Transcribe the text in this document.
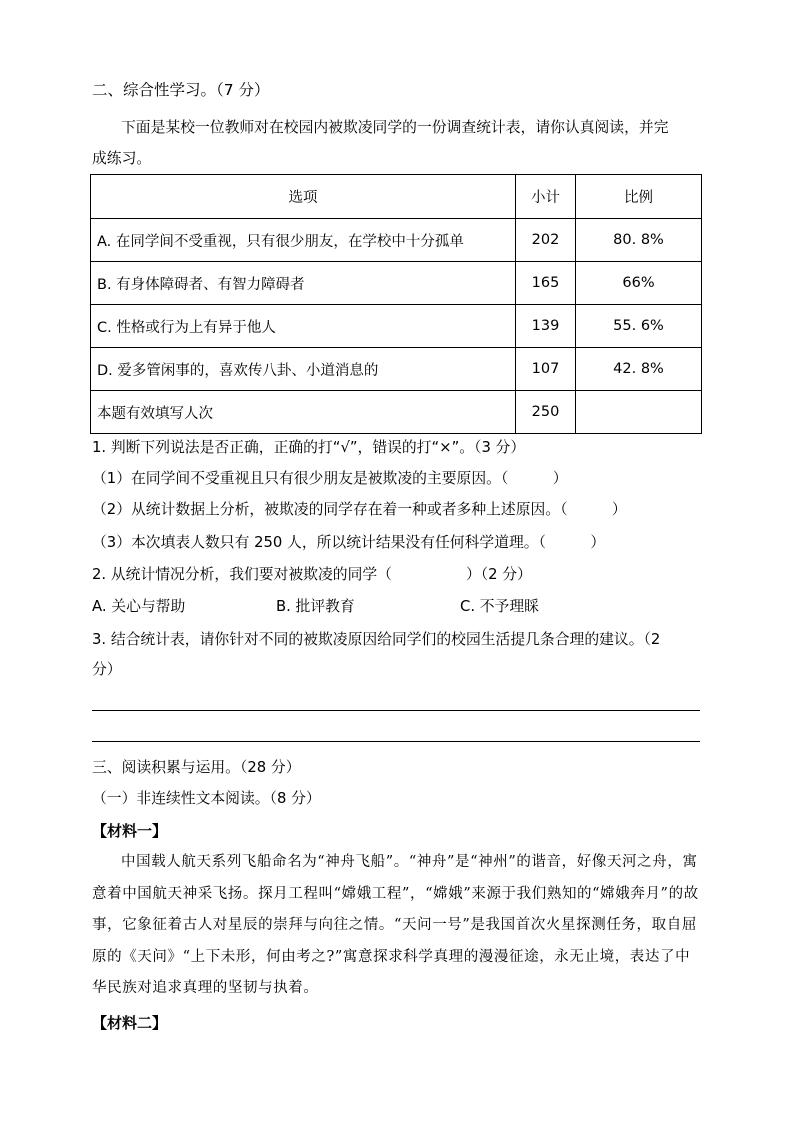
二、综合性学习。（7 分）
下面是某校一位教师对在校园内被欺凌同学的一份调查统计表，请你认真阅读，并完
成练习。
选项	小计	比例
A. 在同学间不受重视，只有很少朋友，在学校中十分孤单	202	80. 8%
B. 有身体障碍者、有智力障碍者	165	66%
C. 性格或行为上有异于他人	139	55. 6%
D. 爱多管闲事的，喜欢传八卦、小道消息的	107	42. 8%
本题有效填写人次	250	
1. 判断下列说法是否正确，正确的打“√”，错误的打“×”。（3 分）
（1）在同学间不受重视且只有很少朋友是被欺凌的主要原因。（　　　）
（2）从统计数据上分析，被欺凌的同学存在着一种或者多种上述原因。（　　　）
（3）本次填表人数只有 250 人，所以统计结果没有任何科学道理。（　　　）
2. 从统计情况分析，我们要对被欺凌的同学（　　　　　）（2 分）
A. 关心与帮助	B. 批评教育	C. 不予理睬
3. 结合统计表，请你针对不同的被欺凌原因给同学们的校园生活提几条合理的建议。（2
分）
三、阅读积累与运用。（28 分）
（一）非连续性文本阅读。（8 分）
【材料一】

中国载人航天系列飞船命名为“神舟飞船”。“神舟”是“神州”的谐音，好像天河之舟，寓意着中国航天神采飞扬。探月工程叫“嫦娥工程”，“嫦娥”来源于我们熟知的“嫦娥奔月”的故事，它象征着古人对星辰的崇拜与向往之情。“天问一号”是我国首次火星探测任务，取自屈原的《天问》“上下未形，何由考之?”寓意探求科学真理的漫漫征途，永无止境，表达了中华民族对追求真理的坚韧与执着。

【材料二】
